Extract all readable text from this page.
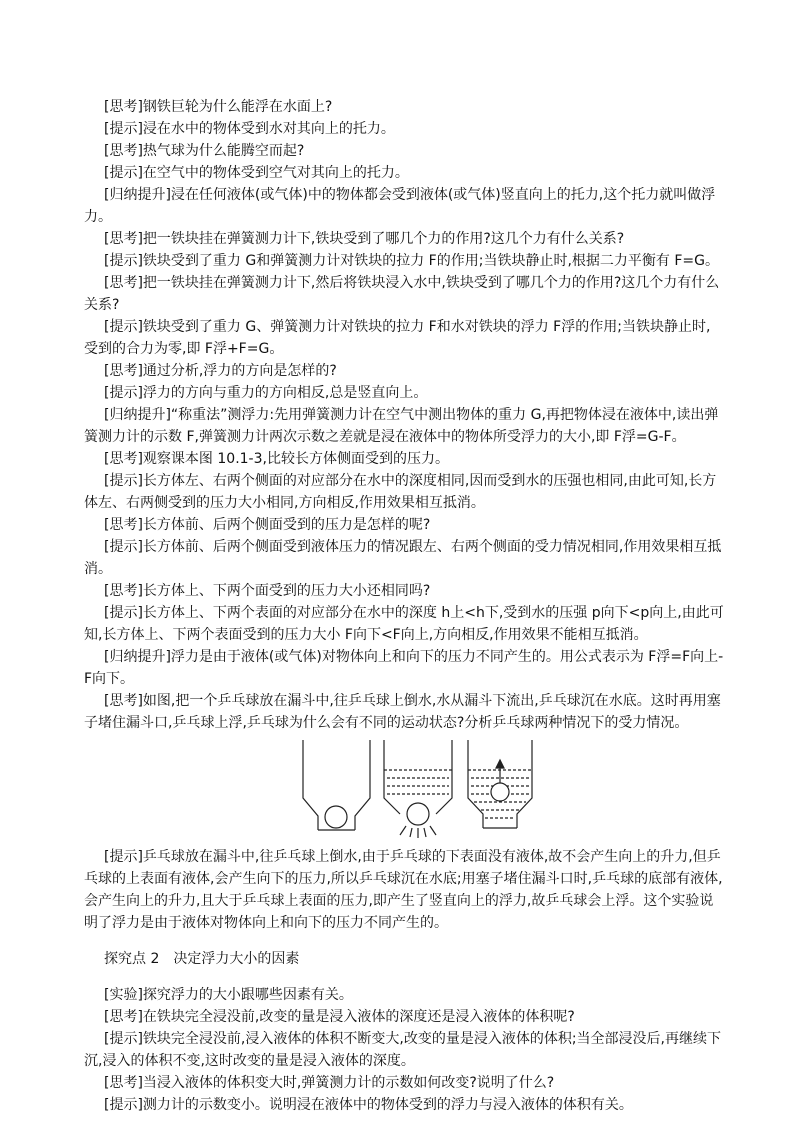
[思考]钢铁巨轮为什么能浮在水面上?

[提示]浸在水中的物体受到水对其向上的托力。

[思考]热气球为什么能腾空而起?

[提示]在空气中的物体受到空气对其向上的托力。

[归纳提升]浸在任何液体(或气体)中的物体都会受到液体(或气体)竖直向上的托力,这个托力就叫做浮力。

[思考]把一铁块挂在弹簧测力计下,铁块受到了哪几个力的作用?这几个力有什么关系?

[提示]铁块受到了重力 G和弹簧测力计对铁块的拉力 F的作用;当铁块静止时,根据二力平衡有 F=G。

[思考]把一铁块挂在弹簧测力计下,然后将铁块浸入水中,铁块受到了哪几个力的作用?这几个力有什么关系?

[提示]铁块受到了重力 G、弹簧测力计对铁块的拉力 F和水对铁块的浮力 F浮的作用;当铁块静止时,受到的合力为零,即 F浮+F=G。

[思考]通过分析,浮力的方向是怎样的?

[提示]浮力的方向与重力的方向相反,总是竖直向上。

[归纳提升]“称重法”测浮力:先用弹簧测力计在空气中测出物体的重力 G,再把物体浸在液体中,读出弹簧测力计的示数 F,弹簧测力计两次示数之差就是浸在液体中的物体所受浮力的大小,即 F浮=G-F。

[思考]观察课本图 10.1-3,比较长方体侧面受到的压力。

[提示]长方体左、右两个侧面的对应部分在水中的深度相同,因而受到水的压强也相同,由此可知,长方体左、右两侧受到的压力大小相同,方向相反,作用效果相互抵消。

[思考]长方体前、后两个侧面受到的压力是怎样的呢?

[提示]长方体前、后两个侧面受到液体压力的情况跟左、右两个侧面的受力情况相同,作用效果相互抵消。

[思考]长方体上、下两个面受到的压力大小还相同吗?

[提示]长方体上、下两个表面的对应部分在水中的深度 h上<h下,受到水的压强 p向下<p向上,由此可知,长方体上、下两个表面受到的压力大小 F向下<F向上,方向相反,作用效果不能相互抵消。

[归纳提升]浮力是由于液体(或气体)对物体向上和向下的压力不同产生的。用公式表示为 F浮=F向上-F向下。

[思考]如图,把一个乒乓球放在漏斗中,往乒乓球上倒水,水从漏斗下流出,乒乓球沉在水底。这时再用塞子堵住漏斗口,乒乓球上浮,乒乓球为什么会有不同的运动状态?分析乒乓球两种情况下的受力情况。

[提示]乒乓球放在漏斗中,往乒乓球上倒水,由于乒乓球的下表面没有液体,故不会产生向上的升力,但乒乓球的上表面有液体,会产生向下的压力,所以乒乓球沉在水底;用塞子堵住漏斗口时,乒乓球的底部有液体,会产生向上的升力,且大于乒乓球上表面的压力,即产生了竖直向上的浮力,故乒乓球会上浮。这个实验说明了浮力是由于液体对物体向上和向下的压力不同产生的。

探究点 2　决定浮力大小的因素

[实验]探究浮力的大小跟哪些因素有关。

[思考]在铁块完全浸没前,改变的量是浸入液体的深度还是浸入液体的体积呢?

[提示]铁块完全浸没前,浸入液体的体积不断变大,改变的量是浸入液体的体积;当全部浸没后,再继续下沉,浸入的体积不变,这时改变的量是浸入液体的深度。

[思考]当浸入液体的体积变大时,弹簧测力计的示数如何改变?说明了什么?

[提示]测力计的示数变小。说明浸在液体中的物体受到的浮力与浸入液体的体积有关。
